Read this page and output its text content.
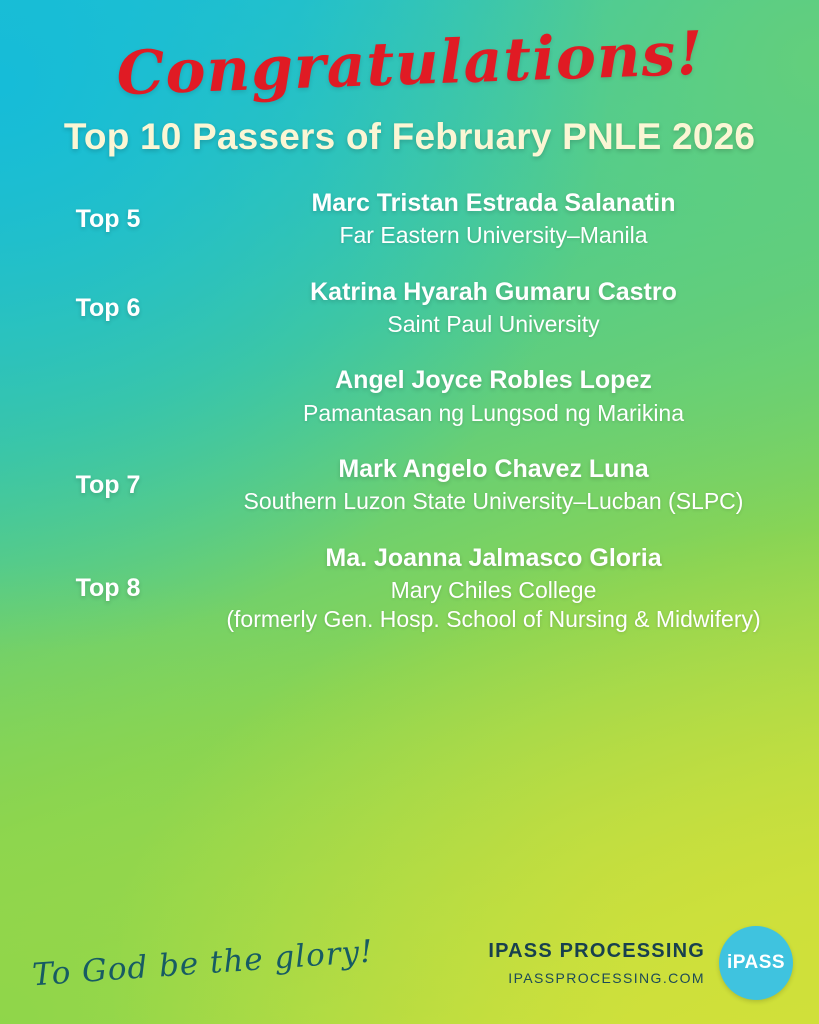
Congratulations!
Top 10 Passers of February PNLE 2026
Top 5
Marc Tristan Estrada Salanatin
Far Eastern University–Manila
Top 6
Katrina Hyarah Gumaru Castro
Saint Paul University
Angel Joyce Robles Lopez
Pamantasan ng Lungsod ng Marikina
Top 7
Mark Angelo Chavez Luna
Southern Luzon State University–Lucban (SLPC)
Top 8
Ma. Joanna Jalmasco Gloria
Mary Chiles College
(formerly Gen. Hosp. School of Nursing & Midwifery)
To God be the glory!	IPASS PROCESSING
IPASSPROCESSING.COM
iPASS
